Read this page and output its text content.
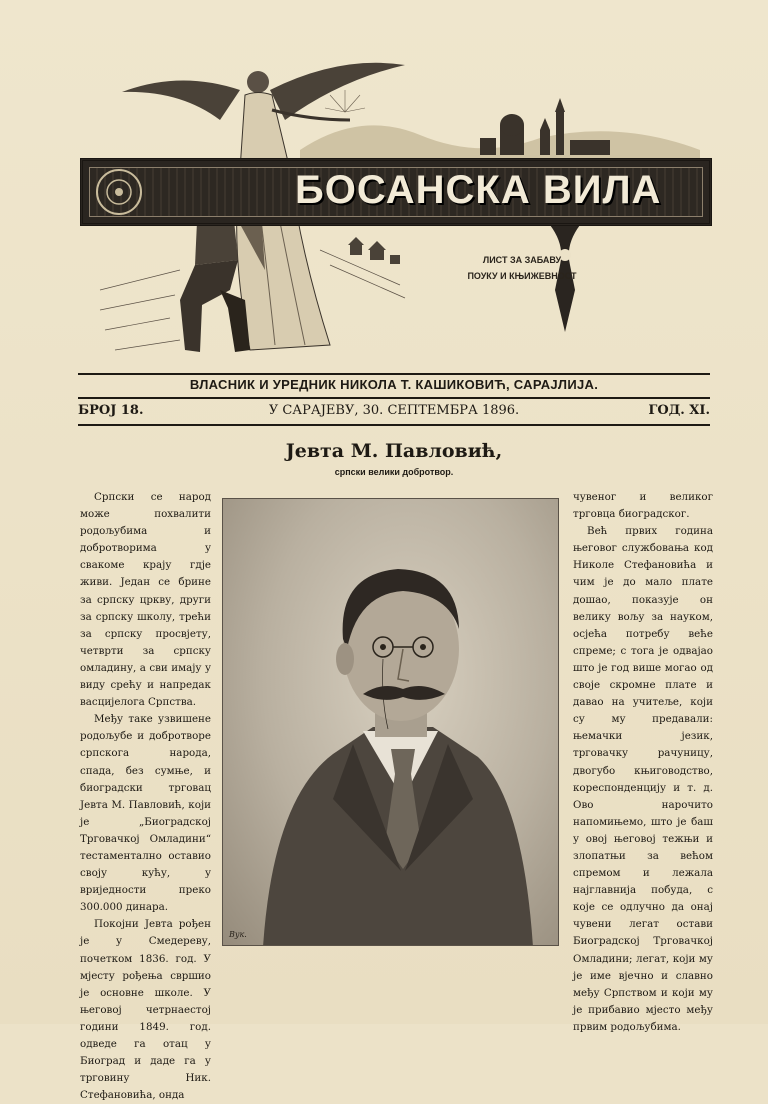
БОСАНСКА ВИЛА
ЛИСТ ЗА ЗАБАВУ
ПОУКУ И КЊИЖЕВНОСТ
ВЛАСНИК И УРЕДНИК НИКОЛА Т. КАШИКОВИЋ, САРАЈЛИЈА.
БРОЈ 18.	У САРАЈЕВУ, 30. СЕПТЕМБРА 1896.	ГОД. XI.
Јевта М. Павловић,
српски велики добротвор.

Српски се народ може похвалити родољубима и добротворима у свакоме крају гдје живи. Један се брине за српску цркву, други за српску школу, трећи за српску просвјету, четврти за српску омладину, а сви имају у виду срећу и напредак васцијелога Српства.

Међу таке узвишене родољубе и добротворе српскога народа, спада, без сумње, и биоградски трговац Јевта М. Павловић, који је „Биоградској Трговачкој Омладини“ тестаментално оставио своју кућу, у вриједности преко 300.000 динара.

Покојни Јевта рођен је у Смедереву, почетком 1836. год. У мјесту рођења свршио је основне школе. У његовој четрнаестој години 1849. год. одведе га отац у Биоград и даде га у трговину Ник. Стефановића, онда

Вук.

чувеног и великог трговца биоградског.

Већ првих година његовог службовања код Николе Стефановића и чим је до мало плате дошао, показује он велику вољу за науком, осјећа потребу веће спреме; с тога је одвајао што је год више могао од своје скромне плате и давао на учитеље, који су му предавали: њемачки језик, трговачку рачуницу, двогубо књиговодство, кореспонденцију и т. д. Ово нарочито напомињемо, што је баш у овој његовој тежњи и злопатњи за већом спремом и лежала најглавнија побуда, с које се одлучно да онај чувени легат остави Биоградској Трговачкој Омладини; легат, који му је име вјечно и славно међу Српством и који му је прибавио мјесто међу првим родољубима.
